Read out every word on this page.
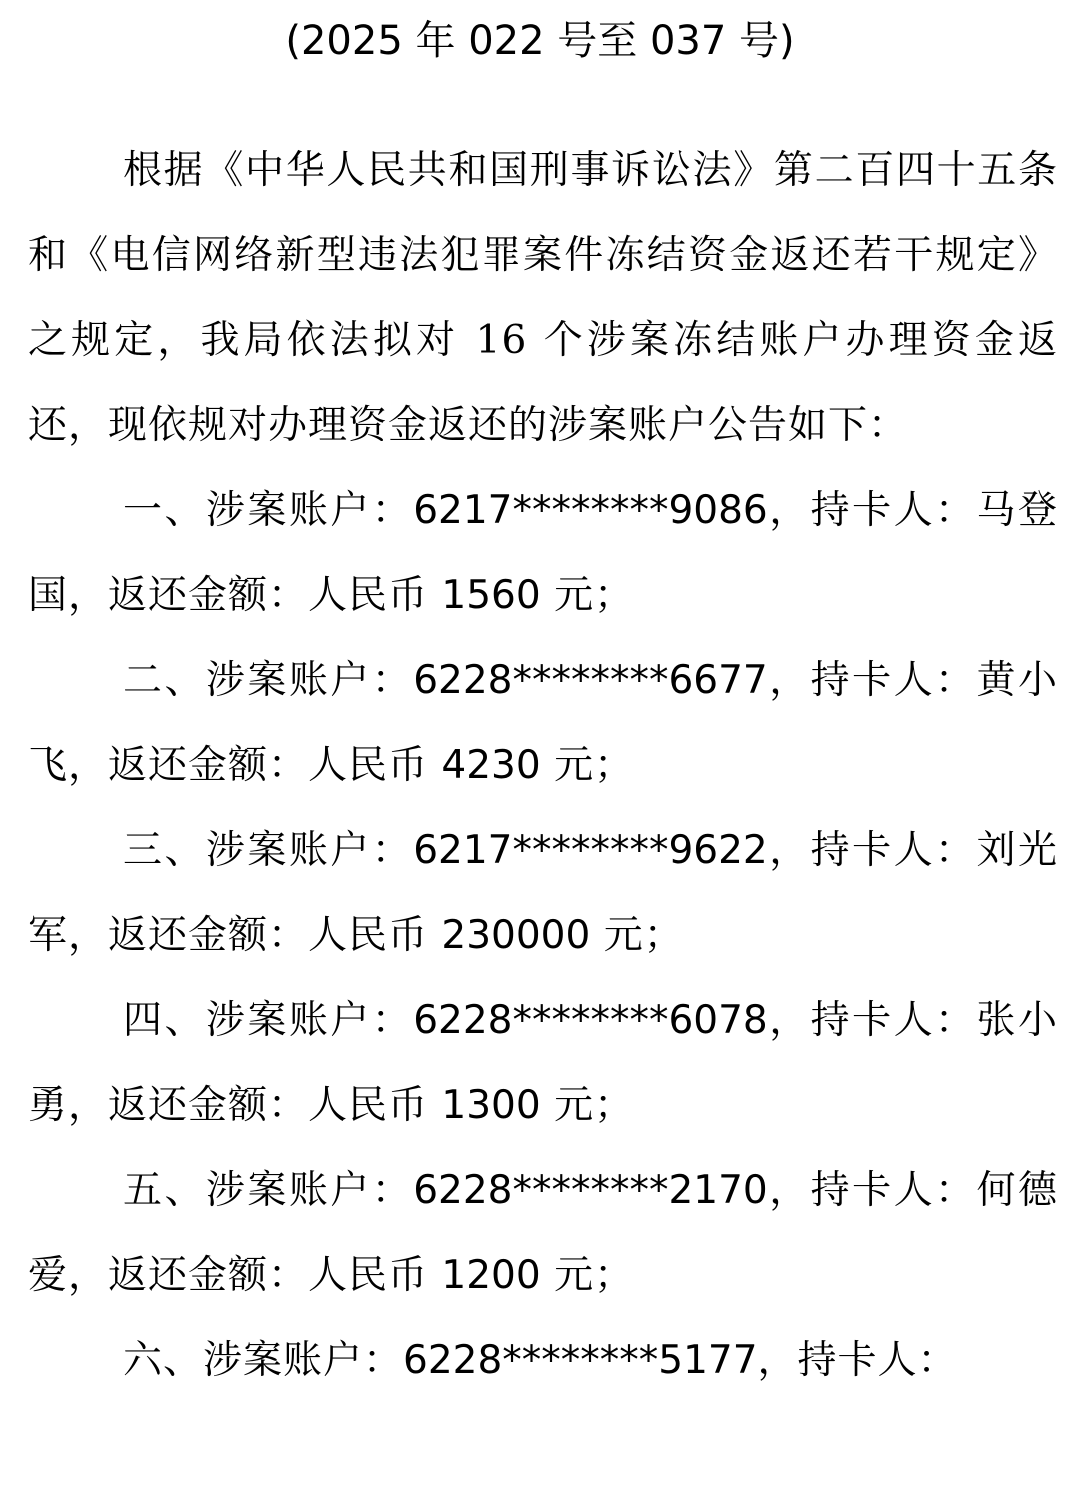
(2025 年 022 号至 037 号)

根据《中华人民共和国刑事诉讼法》第二百四十五条和《电信网络新型违法犯罪案件冻结资金返还若干规定》之规定，我局依法拟对 16 个涉案冻结账户办理资金返还，现依规对办理资金返还的涉案账户公告如下：

一、涉案账户：6217********9086，持卡人：马登国，返还金额：人民币 1560 元；

二、涉案账户：6228********6677，持卡人：黄小飞，返还金额：人民币 4230 元；

三、涉案账户：6217********9622，持卡人：刘光军，返还金额：人民币 230000 元；

四、涉案账户：6228********6078，持卡人：张小勇，返还金额：人民币 1300 元；

五、涉案账户：6228********2170，持卡人：何德爱，返还金额：人民币 1200 元；

六、涉案账户：6228********5177，持卡人：
